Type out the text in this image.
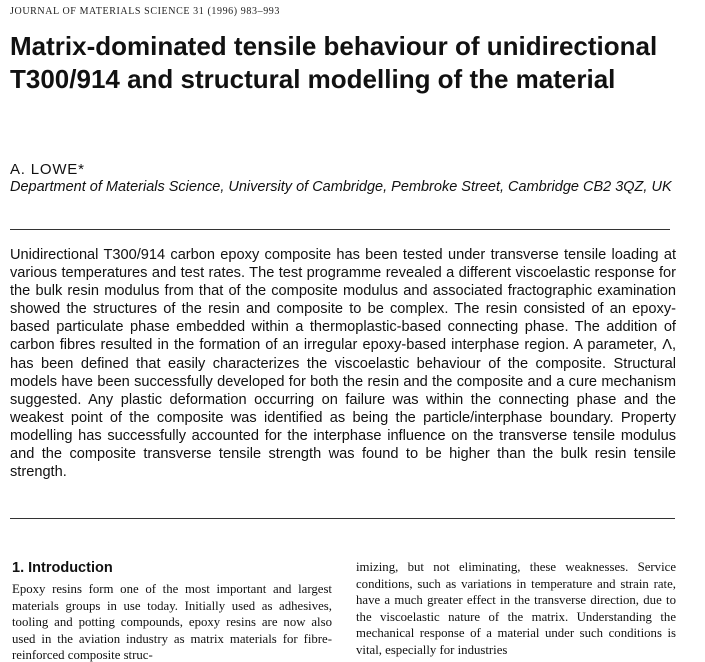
JOURNAL OF MATERIALS SCIENCE 31 (1996) 983–993
Matrix-dominated tensile behaviour of unidirectional T300/914 and structural modelling of the material
A. LOWE*
Department of Materials Science, University of Cambridge, Pembroke Street, Cambridge CB2 3QZ, UK
Unidirectional T300/914 carbon epoxy composite has been tested under transverse tensile loading at various temperatures and test rates. The test programme revealed a different viscoelastic response for the bulk resin modulus from that of the composite modulus and associated fractographic examination showed the structures of the resin and composite to be complex. The resin consisted of an epoxy-based particulate phase embedded within a thermoplastic-based connecting phase. The addition of carbon fibres resulted in the formation of an irregular epoxy-based interphase region. A parameter, Λ, has been defined that easily characterizes the viscoelastic behaviour of the composite. Structural models have been successfully developed for both the resin and the composite and a cure mechanism suggested. Any plastic deformation occurring on failure was within the connecting phase and the weakest point of the composite was identified as being the particle/interphase boundary. Property modelling has successfully accounted for the interphase influence on the transverse tensile modulus and the composite transverse tensile strength was found to be higher than the bulk resin tensile strength.
1. Introduction

Epoxy resins form one of the most important and largest materials groups in use today. Initially used as adhesives, tooling and potting compounds, epoxy resins are now also used in the aviation industry as matrix materials for fibre-reinforced composite struc-

imizing, but not eliminating, these weaknesses. Service conditions, such as variations in temperature and strain rate, have a much greater effect in the transverse direction, due to the viscoelastic nature of the matrix. Understanding the mechanical response of a material under such conditions is vital, especially for industries
